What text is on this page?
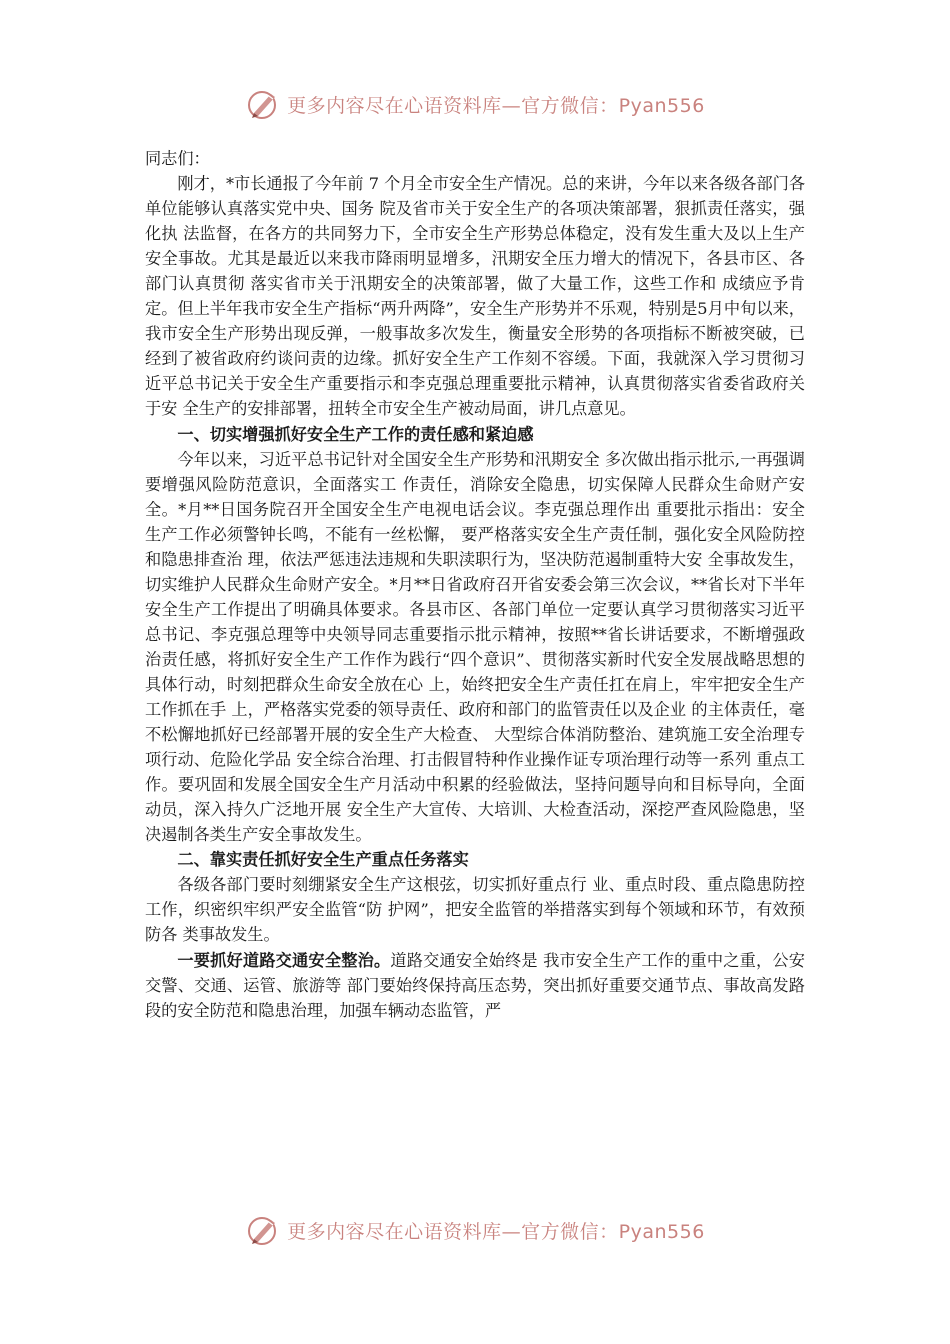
更多内容尽在心语资料库—官方微信：Pyan556

同志们：

刚才，*市长通报了今年前 7 个月全市安全生产情况。总的来讲，今年以来各级各部门各单位能够认真落实党中央、国务 院及省市关于安全生产的各项决策部署，狠抓责任落实，强化执 法监督，在各方的共同努力下，全市安全生产形势总体稳定，没有发生重大及以上生产安全事故。尤其是最近以来我市降雨明显增多，汛期安全压力增大的情况下，各县市区、各部门认真贯彻 落实省市关于汛期安全的决策部署，做了大量工作，这些工作和 成绩应予肯定。但上半年我市安全生产指标“两升两降”，安全生产形势并不乐观，特别是5月中旬以来，我市安全生产形势出现反弹，一般事故多次发生，衡量安全形势的各项指标不断被突破，已经到了被省政府约谈问责的边缘。抓好安全生产工作刻不容缓。下面，我就深入学习贯彻习近平总书记关于安全生产重要指示和李克强总理重要批示精神，认真贯彻落实省委省政府关于安 全生产的安排部署，扭转全市安全生产被动局面，讲几点意见。

一、切实增强抓好安全生产工作的责任感和紧迫感

今年以来，习近平总书记针对全国安全生产形势和汛期安全 多次做出指示批示,一再强调要增强风险防范意识，全面落实工 作责任，消除安全隐患，切实保障人民群众生命财产安全。*月**日国务院召开全国安全生产电视电话会议。李克强总理作出 重要批示指出：安全生产工作必须警钟长鸣，不能有一丝松懈， 要严格落实安全生产责任制，强化安全风险防控和隐患排查治 理，依法严惩违法违规和失职渎职行为，坚决防范遏制重特大安 全事故发生，切实维护人民群众生命财产安全。*月**日省政府召开省安委会第三次会议，**省长对下半年安全生产工作提出了明确具体要求。各县市区、各部门单位一定要认真学习贯彻落实习近平总书记、李克强总理等中央领导同志重要指示批示精神，按照**省长讲话要求，不断增强政治责任感，将抓好安全生产工作作为践行“四个意识”、贯彻落实新时代安全发展战略思想的具体行动，时刻把群众生命安全放在心 上，始终把安全生产责任扛在肩上，牢牢把安全生产工作抓在手 上，严格落实党委的领导责任、政府和部门的监管责任以及企业 的主体责任，毫不松懈地抓好已经部署开展的安全生产大检查、 大型综合体消防整治、建筑施工安全治理专项行动、危险化学品 安全综合治理、打击假冒特种作业操作证专项治理行动等一系列 重点工作。要巩固和发展全国安全生产月活动中积累的经验做法，坚持问题导向和目标导向，全面动员，深入持久广泛地开展 安全生产大宣传、大培训、大检查活动，深挖严查风险隐患，坚 决遏制各类生产安全事故发生。

二、靠实责任抓好安全生产重点任务落实

各级各部门要时刻绷紧安全生产这根弦，切实抓好重点行 业、重点时段、重点隐患防控工作，织密织牢织严安全监管“防 护网”，把安全监管的举措落实到每个领域和环节，有效预防各 类事故发生。

一要抓好道路交通安全整治。道路交通安全始终是 我市安全生产工作的重中之重，公安交警、交通、运管、旅游等 部门要始终保持高压态势，突出抓好重要交通节点、事故高发路 段的安全防范和隐患治理，加强车辆动态监管，严

更多内容尽在心语资料库—官方微信：Pyan556
